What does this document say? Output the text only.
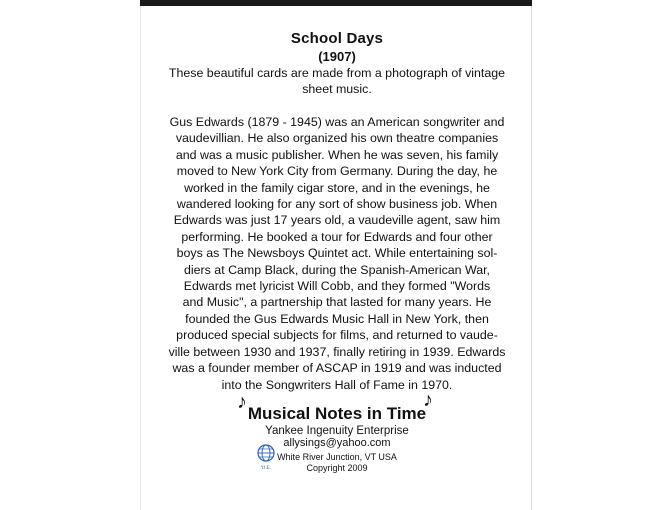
School Days
(1907)
These beautiful cards are made from a photograph of vintage sheet music.
Gus Edwards (1879 - 1945) was an American songwriter and
vaudevillian. He also organized his own theatre companies
and was a music publisher. When he was seven, his family
moved to New York City from Germany. During the day, he
worked in the family cigar store, and in the evenings, he
wandered looking for any sort of show business job. When
Edwards was just 17 years old, a vaudeville agent, saw him
performing. He booked a tour for Edwards and four other
boys as The Newsboys Quintet act. While entertaining sol-
diers at Camp Black, during the Spanish-American War,
Edwards met lyricist Will Cobb, and they formed "Words
and Music", a partnership that lasted for many years. He
founded the Gus Edwards Music Hall in New York, then
produced special subjects for films, and returned to vaude-
ville between 1930 and 1937, finally retiring in 1939. Edwards
was a founder member of ASCAP in 1919 and was inducted
into the Songwriters Hall of Fame in 1970.
♪	♪
Musical Notes in Time
Yankee Ingenuity Enterprise
allysings@yahoo.com
Y.I.E.
White River Junction, VT USA
Copyright 2009
